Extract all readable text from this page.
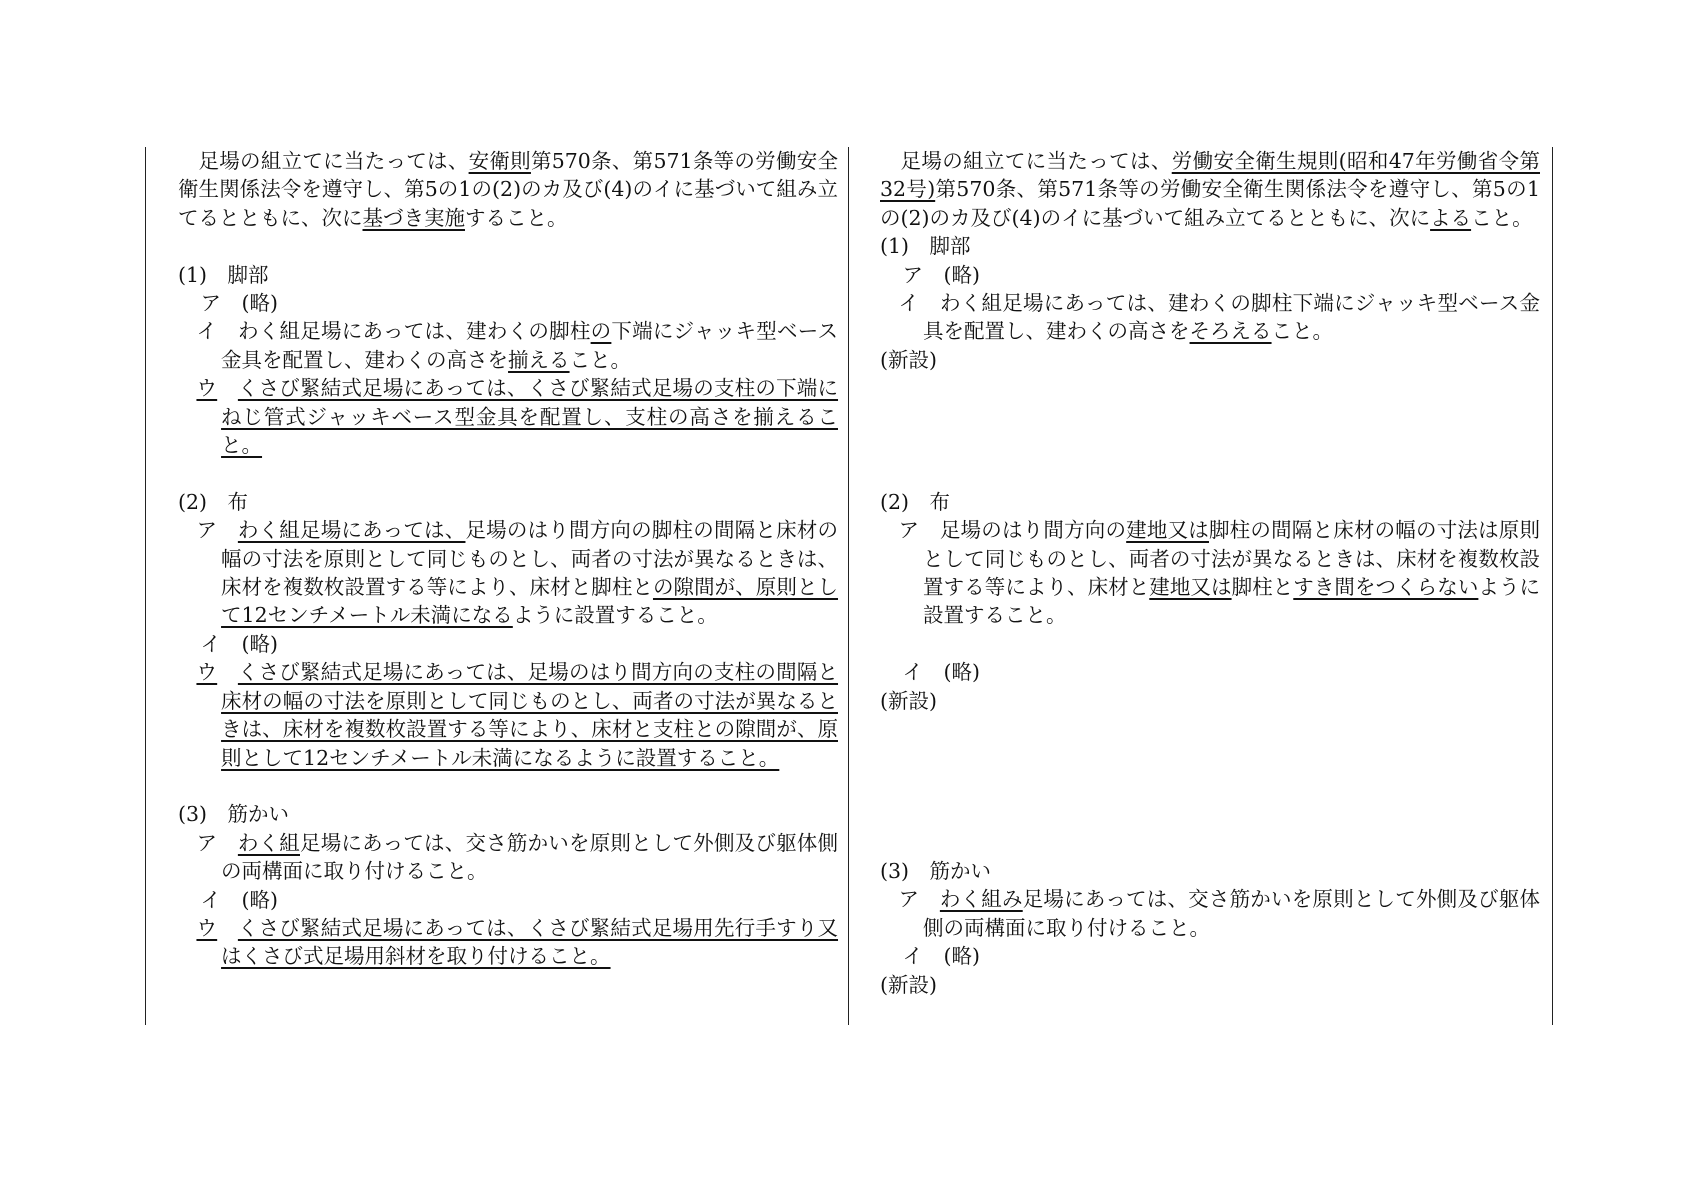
足場の組立てに当たっては、安衛則第570条、第571条等の労働安全衛生関係法令を遵守し、第5の1の(2)のカ及び(4)のイに基づいて組み立てるとともに、次に基づき実施すること。

(1)　脚部

ア　(略)

イ　わく組足場にあっては、建わくの脚柱の下端にジャッキ型ベース金具を配置し、建わくの高さを揃えること。

ウ　 くさび緊結式足場にあっては、くさび緊結式足場の支柱の下端にねじ管式ジャッキベース型金具を配置し、支柱の高さを揃えること。

(2)　布

ア　わく組足場にあっては、足場のはり間方向の脚柱の間隔と床材の幅の寸法を原則として同じものとし、両者の寸法が異なるときは、床材を複数枚設置する等により、床材と脚柱との隙間が、原則として12センチメートル未満になるように設置すること。

イ　(略)

ウ　 くさび緊結式足場にあっては、足場のはり間方向の支柱の間隔と床材の幅の寸法を原則として同じものとし、両者の寸法が異なるときは、床材を複数枚設置する等により、床材と支柱との隙間が、原則として12センチメートル未満になるように設置すること。

(3)　筋かい

ア　わく組足場にあっては、交さ筋かいを原則として外側及び躯体側の両構面に取り付けること。

イ　(略)

ウ　 くさび緊結式足場にあっては、くさび緊結式足場用先行手すり又はくさび式足場用斜材を取り付けること。

足場の組立てに当たっては、労働安全衛生規則(昭和47年労働省令第32号)第570条、第571条等の労働安全衛生関係法令を遵守し、第5の1の(2)のカ及び(4)のイに基づいて組み立てるとともに、次によること。

(1)　脚部

ア　(略)

イ　わく組足場にあっては、建わくの脚柱下端にジャッキ型ベース金具を配置し、建わくの高さをそろえること。

(新設)

(2)　布

ア　足場のはり間方向の建地又は脚柱の間隔と床材の幅の寸法は原則として同じものとし、両者の寸法が異なるときは、床材を複数枚設置する等により、床材と建地又は脚柱とすき間をつくらないように設置すること。

イ　(略)

(新設)

(3)　筋かい

ア　わく組み足場にあっては、交さ筋かいを原則として外側及び躯体側の両構面に取り付けること。

イ　(略)

(新設)
